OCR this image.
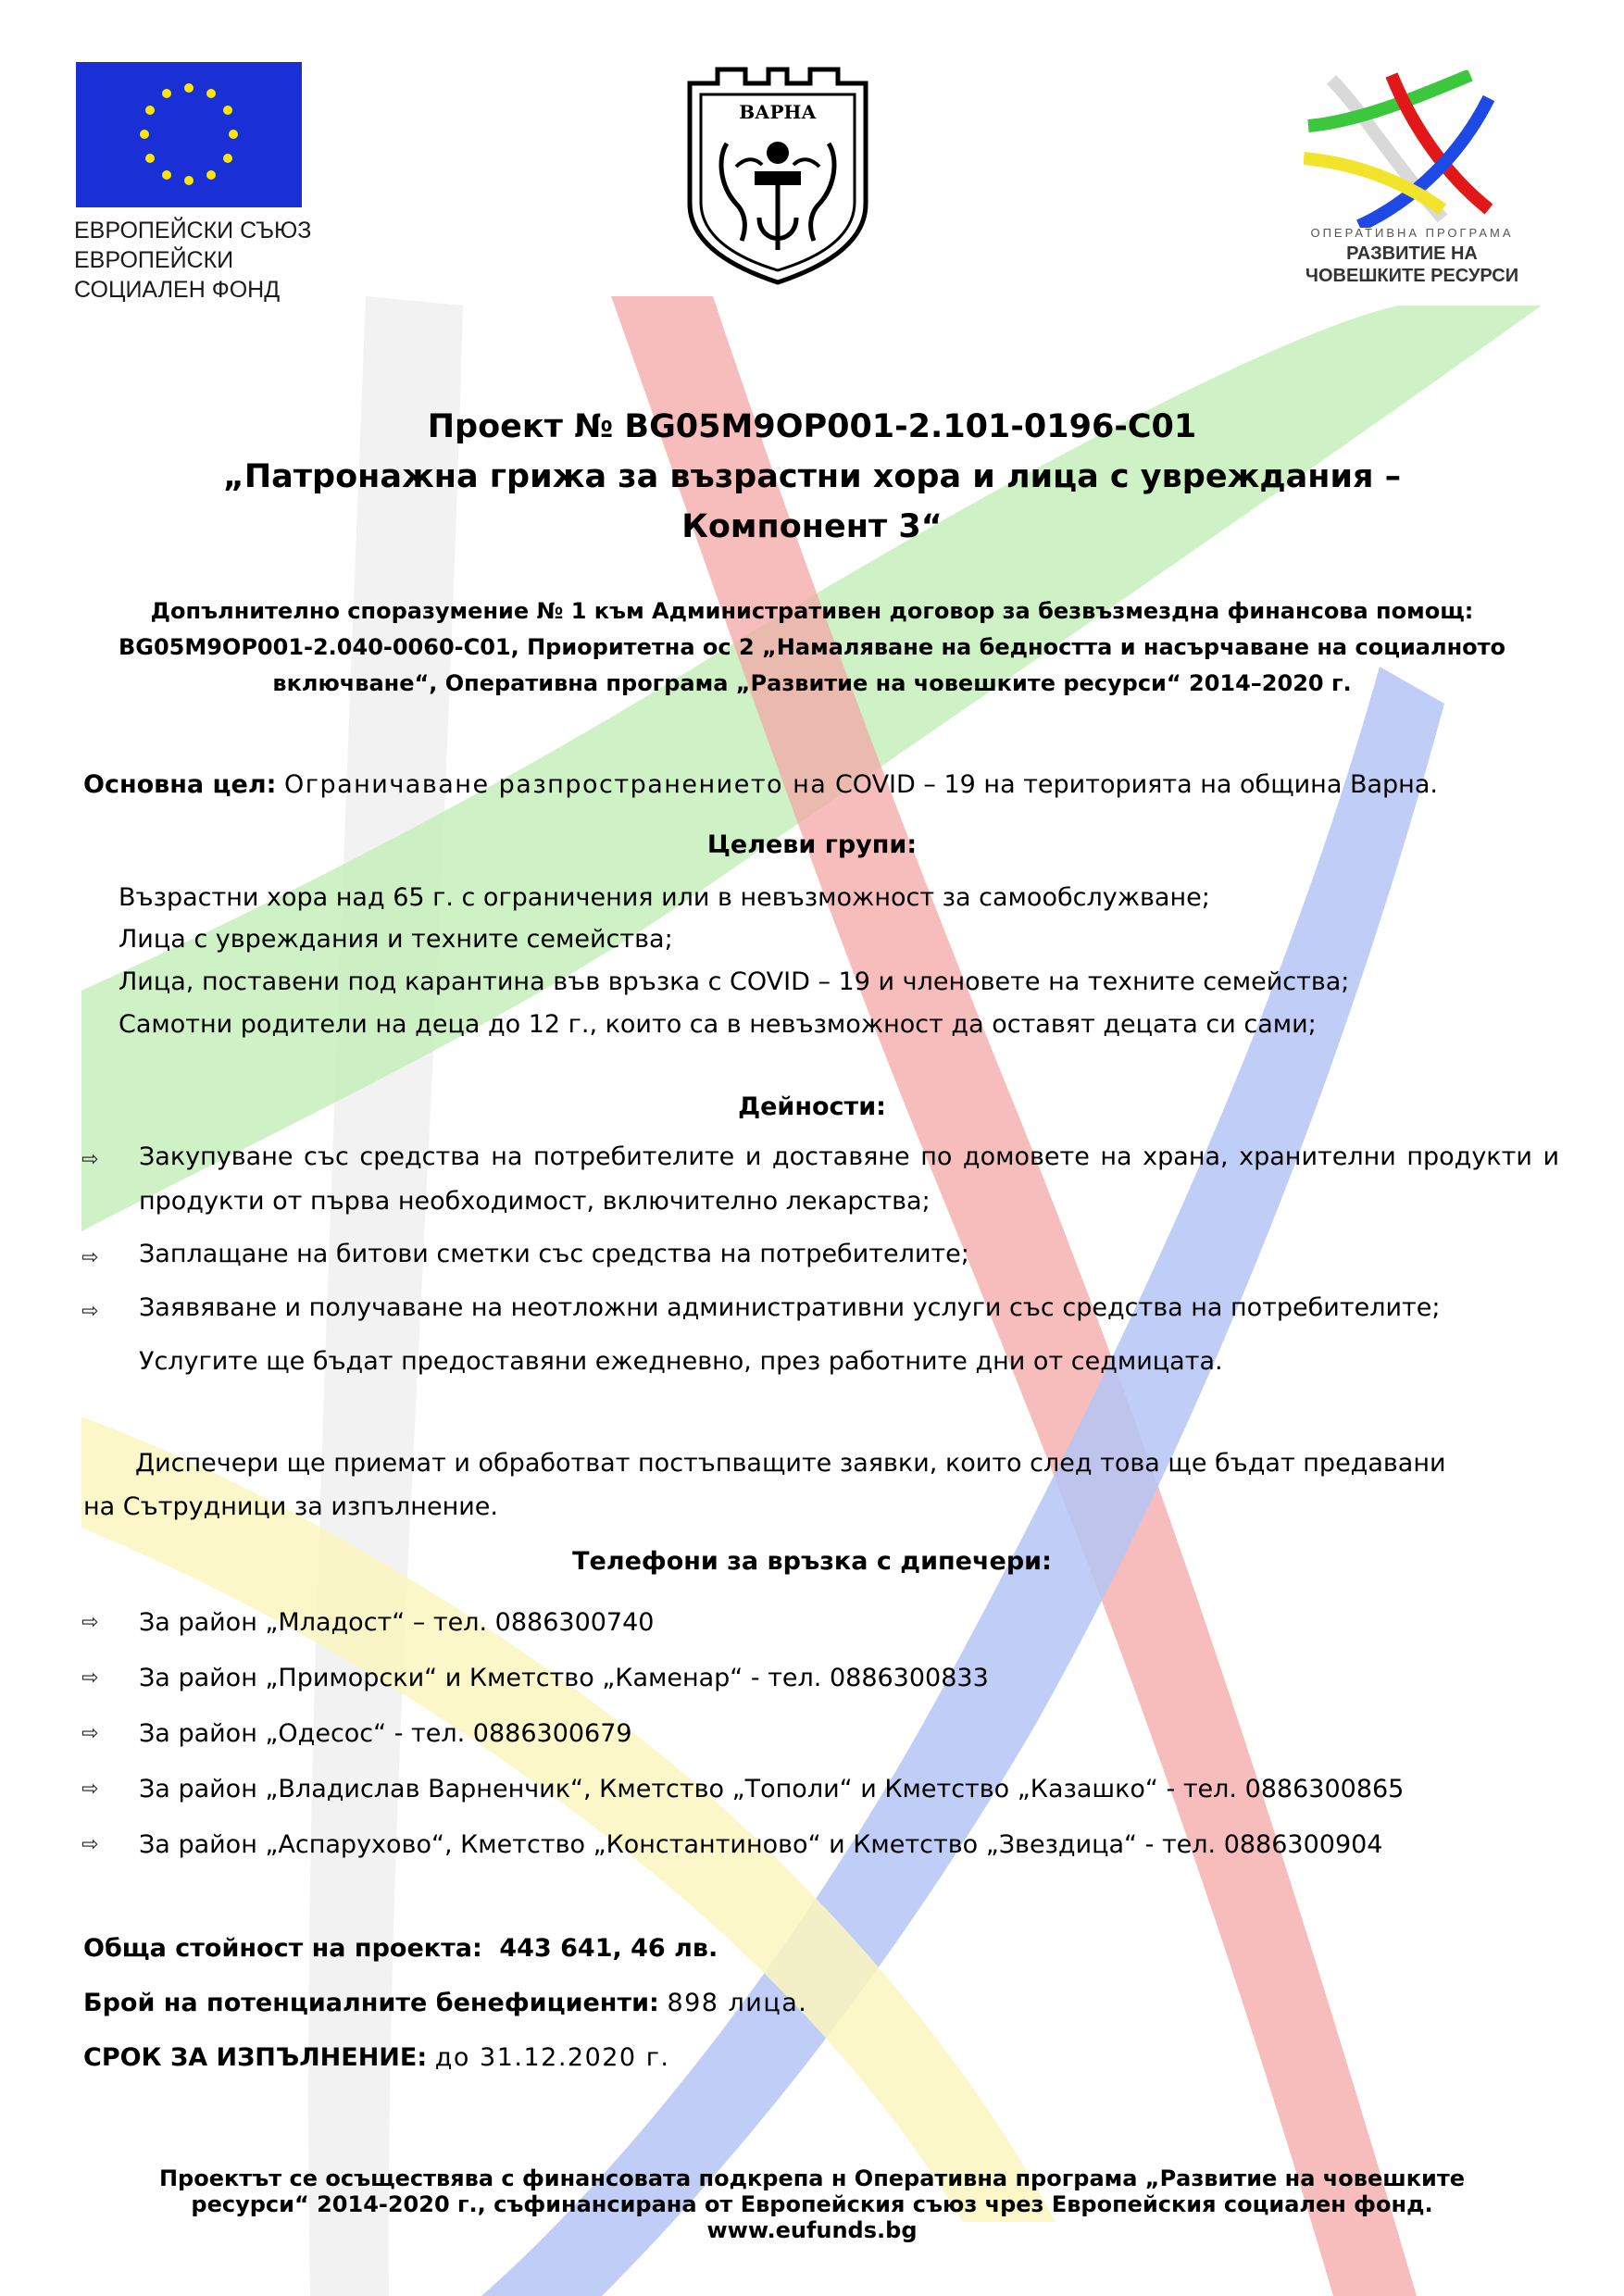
ЕВРОПЕЙСКИ СЪЮЗ
ЕВРОПЕЙСКИ
СОЦИАЛЕН ФОНД
ВАРНА
ОПЕРАТИВНА ПРОГРАМА
РАЗВИТИЕ НА
ЧОВЕШКИТЕ РЕСУРСИ
Проект № BG05M9OP001-2.101-0196-C01
„Патронажна грижа за възрастни хора и лица с увреждания –
Компонент 3“
Допълнително споразумение № 1 към Административен договор за безвъзмездна финансова помощ:
BG05M9OP001-2.040-0060-C01, Приоритетна ос 2 „Намаляване на бедността и насърчаване на социалното
включване“, Оперативна програма „Развитие на човешките ресурси“ 2014–2020 г.
Основна цел: Ограничаване разпространението на COVID – 19 на територията на община Варна.
Целеви групи:
Възрастни хора над 65 г. с ограничения или в невъзможност за самообслужване;
Лица с увреждания и техните семейства;
Лица, поставени под карантина във връзка с COVID – 19 и членовете на техните семейства;
Самотни родители на деца до 12 г., които са в невъзможност да оставят децата си сами;
Дейности:
⇨ Закупуване със средства на потребителите и доставяне по домовете на храна, хранителни продукти и продукти от първа необходимост, включително лекарства;
⇨ Заплащане на битови сметки със средства на потребителите;
⇨ Заявяване и получаване на неотложни административни услуги със средства на потребителите;
Услугите ще бъдат предоставяни ежедневно, през работните дни от седмицата.
Диспечери ще приемат и обработват постъпващите заявки, които след това ще бъдат предавани
на Сътрудници за изпълнение.
Телефони за връзка с дипечери:
⇨ За район „Младост“ – тел. 0886300740
⇨ За район „Приморски“ и Кметство „Каменар“ - тел. 0886300833
⇨ За район „Одесос“ - тел. 0886300679
⇨ За район „Владислав Варненчик“, Кметство „Тополи“ и Кметство „Казашко“ - тел. 0886300865
⇨ За район „Аспарухово“, Кметство „Константиново“ и Кметство „Звездица“ - тел. 0886300904
Обща стойност на проекта: 443 641, 46 лв.
Брой на потенциалните бенефициенти: 898 лица.
СРОК ЗА ИЗПЪЛНЕНИЕ: до 31.12.2020 г.
Проектът се осъществява с финансовата подкрепа н Оперативна програма „Развитие на човешките
ресурси“ 2014-2020 г., съфинансирана от Европейския съюз чрез Европейския социален фонд.
www.eufunds.bg
